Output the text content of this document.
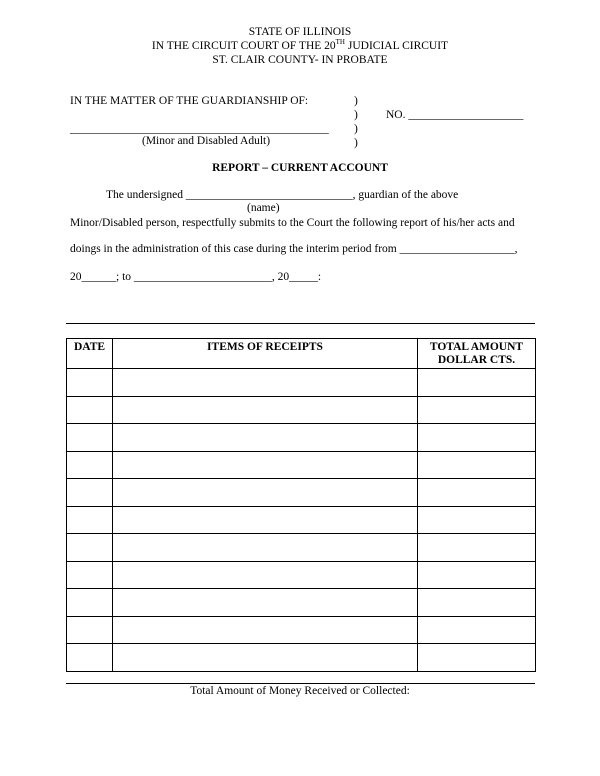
STATE OF ILLINOIS
IN THE CIRCUIT COURT OF THE 20TH JUDICIAL CIRCUIT
ST. CLAIR COUNTY- IN PROBATE
IN THE MATTER OF THE GUARDIANSHIP OF:	)
)
)
)
NO. ____________________
_____________________________________________
(Minor and Disabled Adult)
REPORT – CURRENT ACCOUNT
The undersigned _____________________________, guardian of the above
(name)
Minor/Disabled person, respectfully submits to the Court the following report of his/her acts and
doings in the administration of this case during the interim period from ____________________,
20______; to ________________________, 20_____:
DATE	ITEMS OF RECEIPTS	TOTAL AMOUNT
DOLLAR CTS.

Total Amount of Money Received or Collected:
